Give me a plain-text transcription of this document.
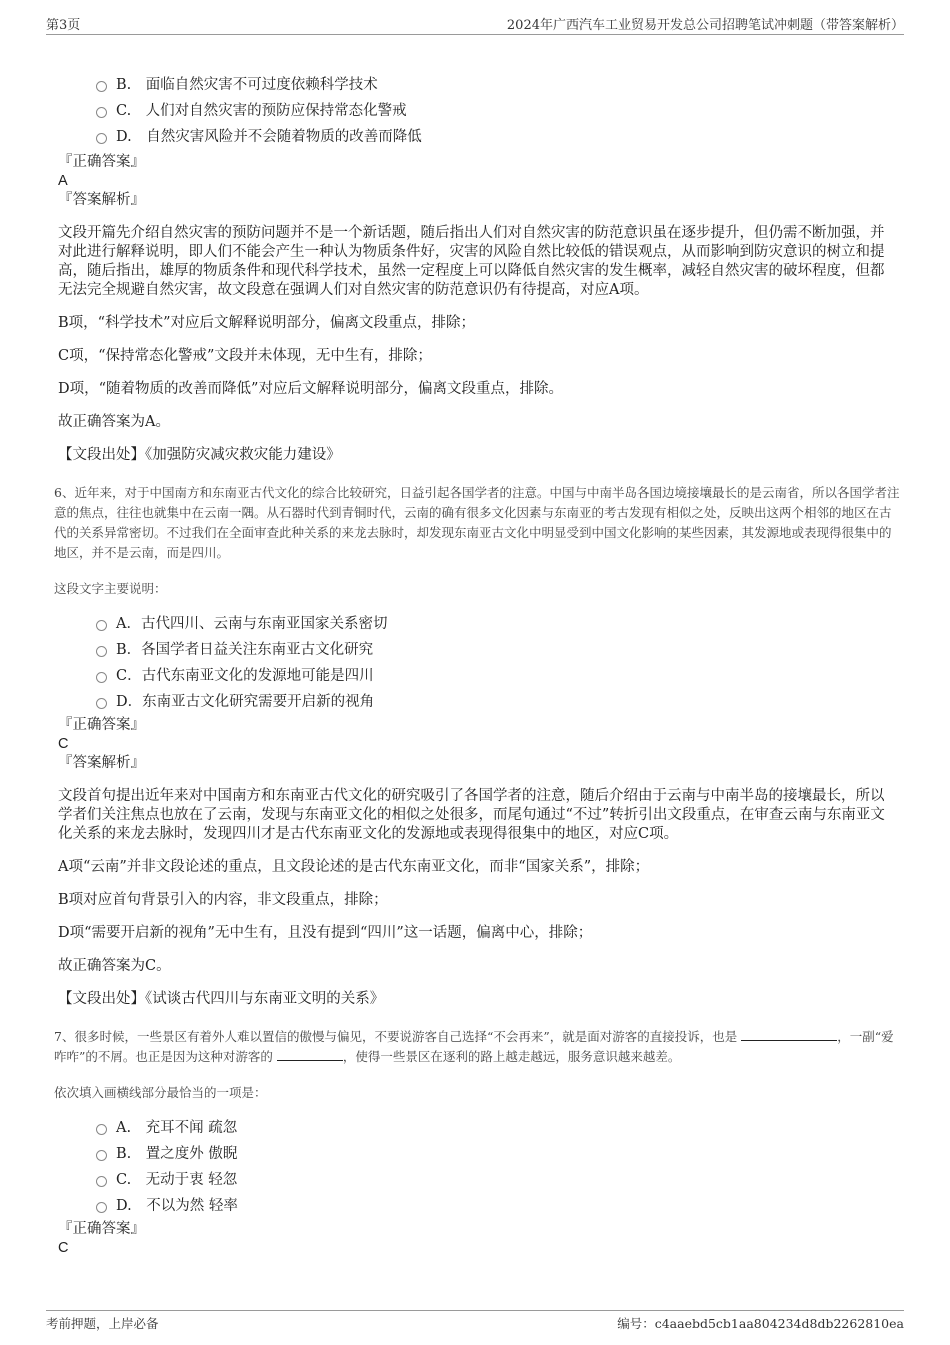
第3页	2024年广西汽车工业贸易开发总公司招聘笔试冲刺题（带答案解析）
B.　面临自然灾害不可过度依赖科学技术
C.　人们对自然灾害的预防应保持常态化警戒
D.　自然灾害风险并不会随着物质的改善而降低
『正确答案』
A
『答案解析』
文段开篇先介绍自然灾害的预防问题并不是一个新话题，随后指出人们对自然灾害的防范意识虽在逐步提升，但仍需不断加强，并对此进行解释说明，即人们不能会产生一种认为物质条件好，灾害的风险自然比较低的错误观点，从而影响到防灾意识的树立和提高，随后指出，雄厚的物质条件和现代科学技术，虽然一定程度上可以降低自然灾害的发生概率，减轻自然灾害的破坏程度，但都无法完全规避自然灾害，故文段意在强调人们对自然灾害的防范意识仍有待提高，对应A项。
B项，“科学技术”对应后文解释说明部分，偏离文段重点，排除；
C项，“保持常态化警戒”文段并未体现，无中生有，排除；
D项，“随着物质的改善而降低”对应后文解释说明部分，偏离文段重点，排除。
故正确答案为A。
【文段出处】《加强防灾减灾救灾能力建设》

6、近年来，对于中国南方和东南亚古代文化的综合比较研究，日益引起各国学者的注意。中国与中南半岛各国边境接壤最长的是云南省，所以各国学者注意的焦点，往往也就集中在云南一隅。从石器时代到青铜时代，云南的确有很多文化因素与东南亚的考古发现有相似之处，反映出这两个相邻的地区在古代的关系异常密切。不过我们在全面审查此种关系的来龙去脉时，却发现东南亚古文化中明显受到中国文化影响的某些因素，其发源地或表现得很集中的地区，并不是云南，而是四川。

这段文字主要说明：
A．古代四川、云南与东南亚国家关系密切
B．各国学者日益关注东南亚古文化研究
C．古代东南亚文化的发源地可能是四川
D．东南亚古文化研究需要开启新的视角
『正确答案』
C
『答案解析』
文段首句提出近年来对中国南方和东南亚古代文化的研究吸引了各国学者的注意，随后介绍由于云南与中南半岛的接壤最长，所以学者们关注焦点也放在了云南，发现与东南亚文化的相似之处很多，而尾句通过“不过”转折引出文段重点，在审查云南与东南亚文化关系的来龙去脉时，发现四川才是古代东南亚文化的发源地或表现得很集中的地区，对应C项。
A项“云南”并非文段论述的重点，且文段论述的是古代东南亚文化，而非“国家关系”，排除；
B项对应首句背景引入的内容，非文段重点，排除；
D项“需要开启新的视角”无中生有，且没有提到“四川”这一话题，偏离中心，排除；
故正确答案为C。
【文段出处】《试谈古代四川与东南亚文明的关系》

7、很多时候，一些景区有着外人难以置信的傲慢与偏见，不要说游客自己选择“不会再来”，就是面对游客的直接投诉，也是	，一副“爱咋咋”的不屑。也正是因为这种对游客的	，使得一些景区在逐利的路上越走越远，服务意识越来越差。

依次填入画横线部分最恰当的一项是：
A.　充耳不闻 疏忽
B.　置之度外 傲睨
C.　无动于衷 轻忽
D.　不以为然 轻率
『正确答案』
C
考前押题，上岸必备	编号：c4aaebd5cb1aa804234d8db2262810ea
